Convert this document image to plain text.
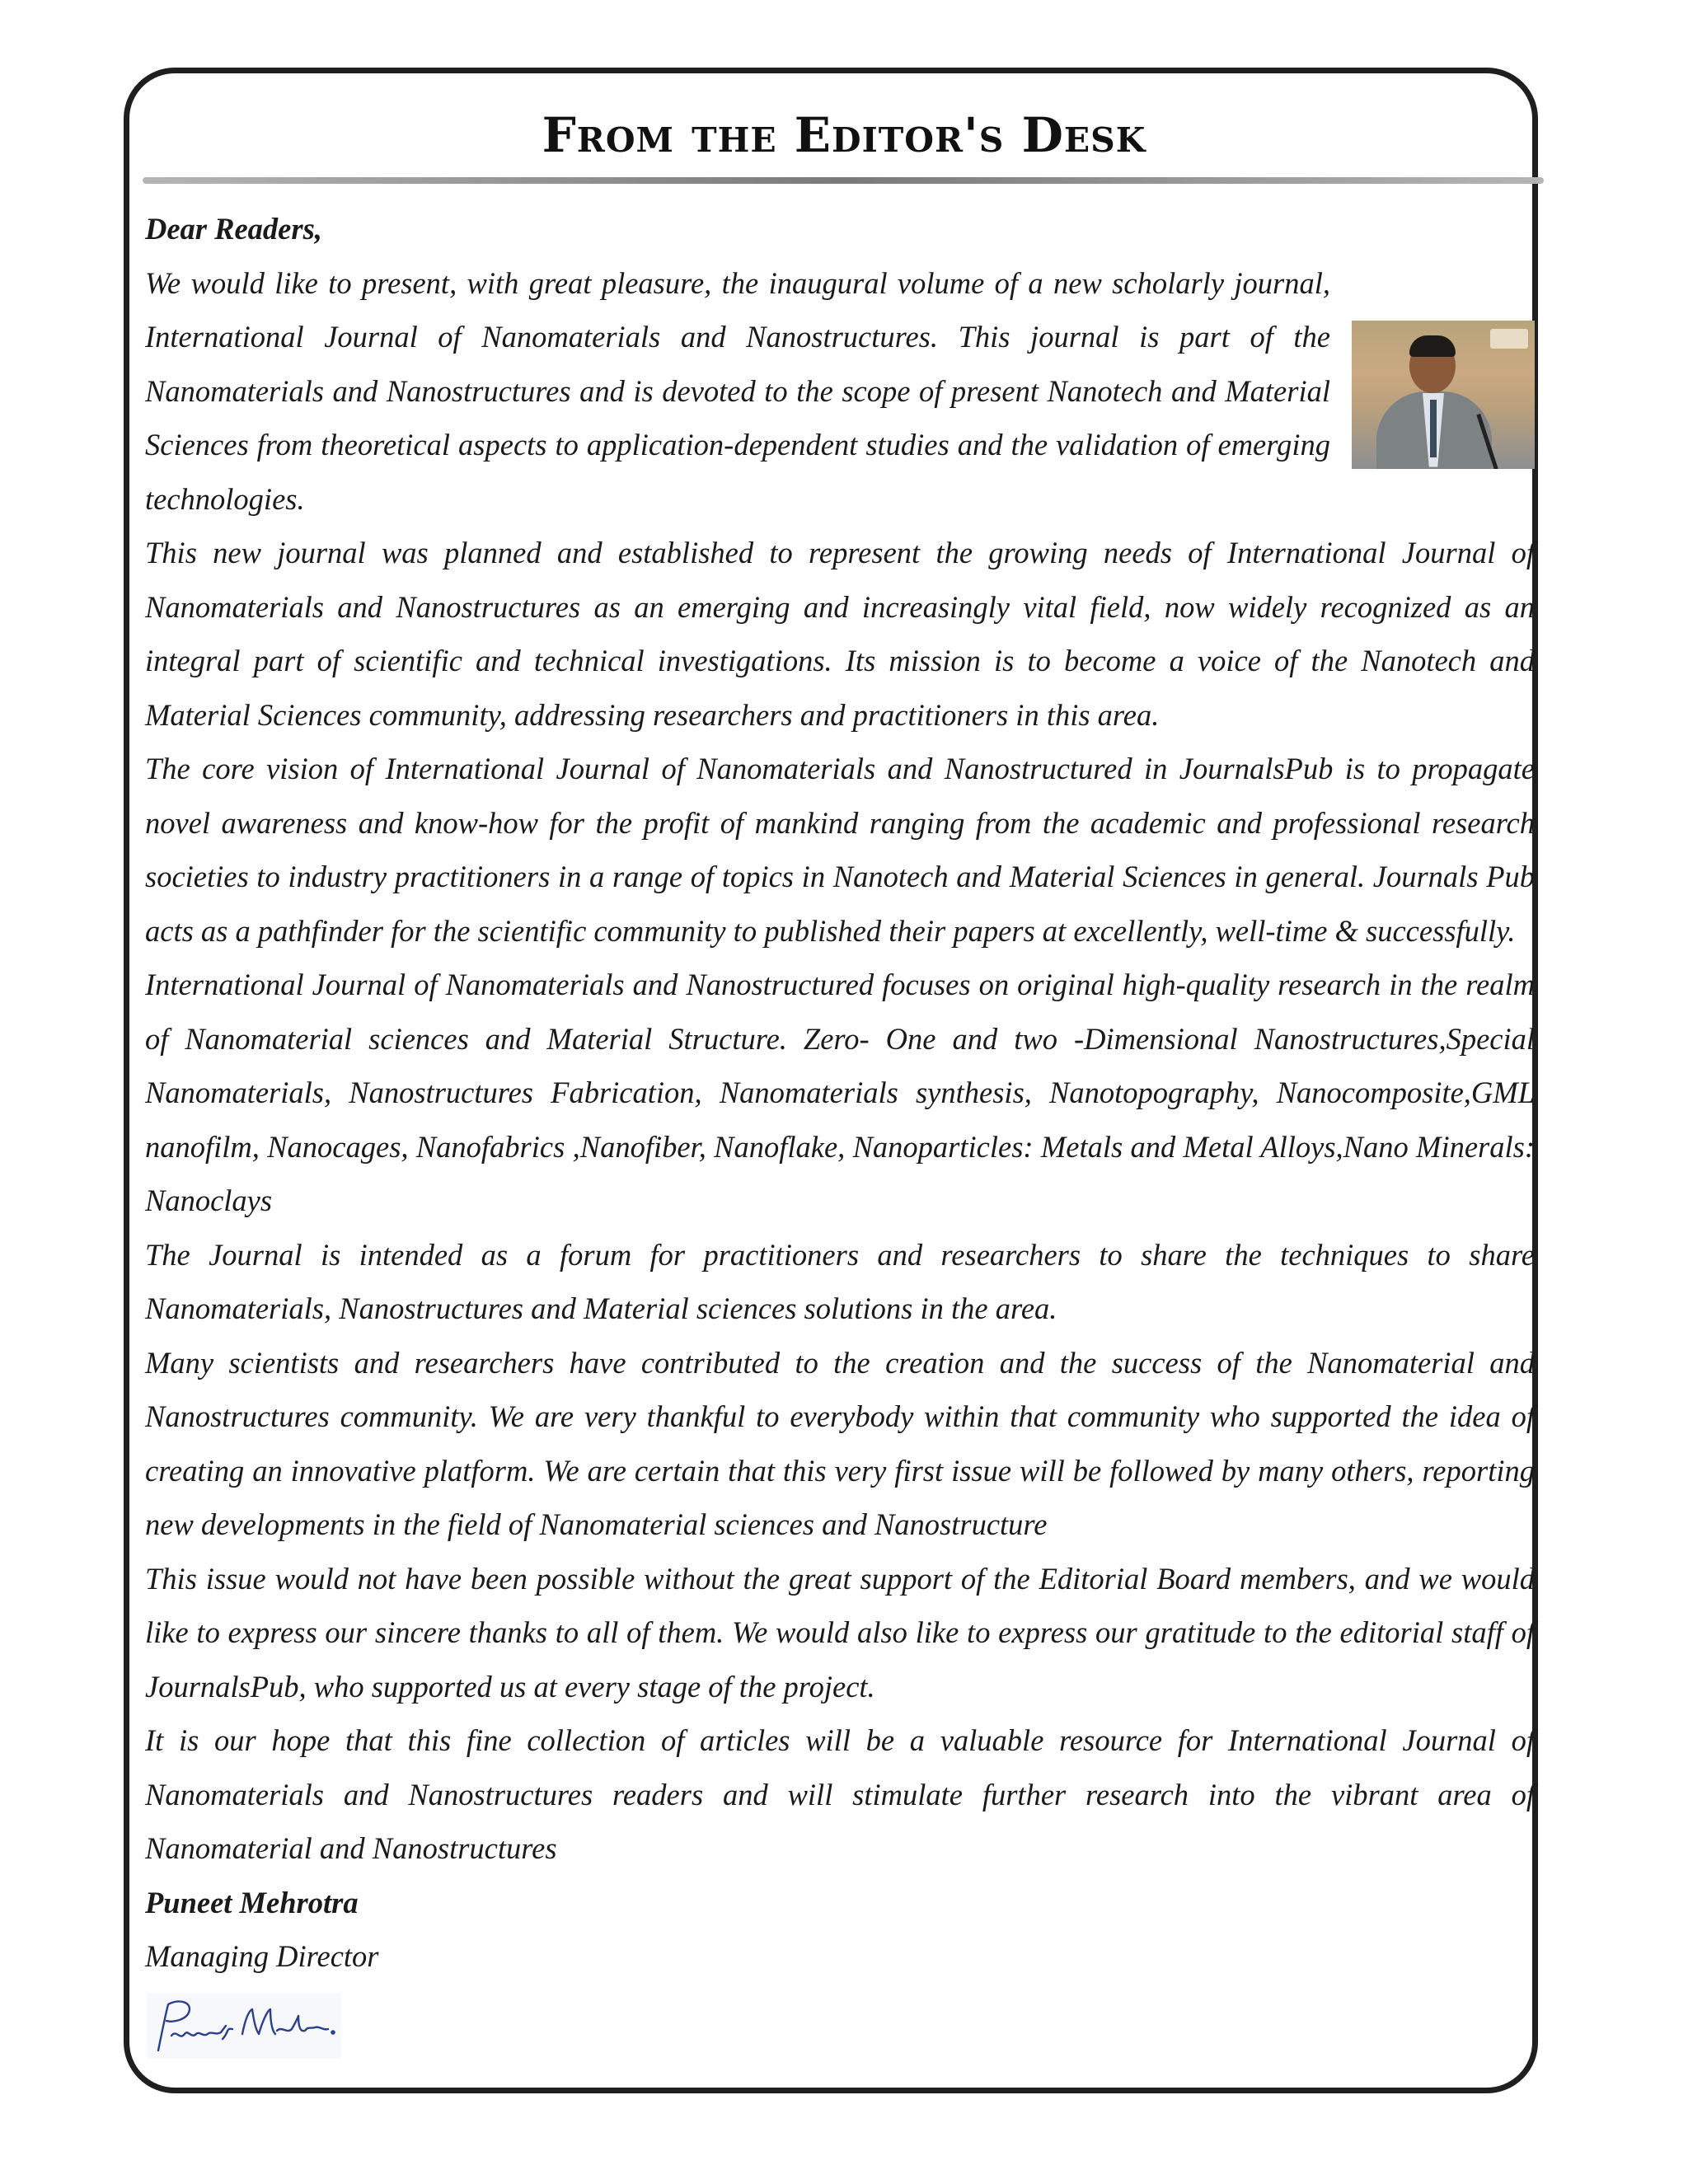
From the Editor's Desk

Dear Readers,

We would like to present, with great pleasure, the inaugural volume of a new scholarly journal, International Journal of Nanomaterials and Nanostructures. This journal is part of the Nanomaterials and Nanostructures and is devoted to the scope of present Nanotech and Material Sciences from theoretical aspects to application-dependent studies and the validation of emerging technologies.

This new journal was planned and established to represent the growing needs of International Journal of Nanomaterials and Nanostructures as an emerging and increasingly vital field, now widely recognized as an integral part of scientific and technical investigations. Its mission is to become a voice of the Nanotech and Material Sciences community, addressing researchers and practitioners in this area.

The core vision of International Journal of Nanomaterials and Nanostructured in JournalsPub is to propagate novel awareness and know-how for the profit of mankind ranging from the academic and professional research societies to industry practitioners in a range of topics in Nanotech and Material Sciences in general. Journals Pub acts as a pathfinder for the scientific community to published their papers at excellently, well-time & successfully.

International Journal of Nanomaterials and Nanostructured focuses on original high-quality research in the realm of Nanomaterial sciences and Material Structure. Zero- One and two -Dimensional Nanostructures,Special Nanomaterials, Nanostructures Fabrication, Nanomaterials synthesis, Nanotopography, Nanocomposite,GML nanofilm, Nanocages, Nanofabrics ,Nanofiber, Nanoflake, Nanoparticles: Metals and Metal Alloys,Nano Minerals: Nanoclays

The Journal is intended as a forum for practitioners and researchers to share the techniques to share Nanomaterials, Nanostructures and Material sciences solutions in the area.

Many scientists and researchers have contributed to the creation and the success of the Nanomaterial and Nanostructures community. We are very thankful to everybody within that community who supported the idea of creating an innovative platform. We are certain that this very first issue will be followed by many others, reporting new developments in the field of Nanomaterial sciences and Nanostructure

This issue would not have been possible without the great support of the Editorial Board members, and we would like to express our sincere thanks to all of them. We would also like to express our gratitude to the editorial staff of JournalsPub, who supported us at every stage of the project.

It is our hope that this fine collection of articles will be a valuable resource for International Journal of Nanomaterials and Nanostructures readers and will stimulate further research into the vibrant area of Nanomaterial and Nanostructures

Puneet Mehrotra

Managing Director
